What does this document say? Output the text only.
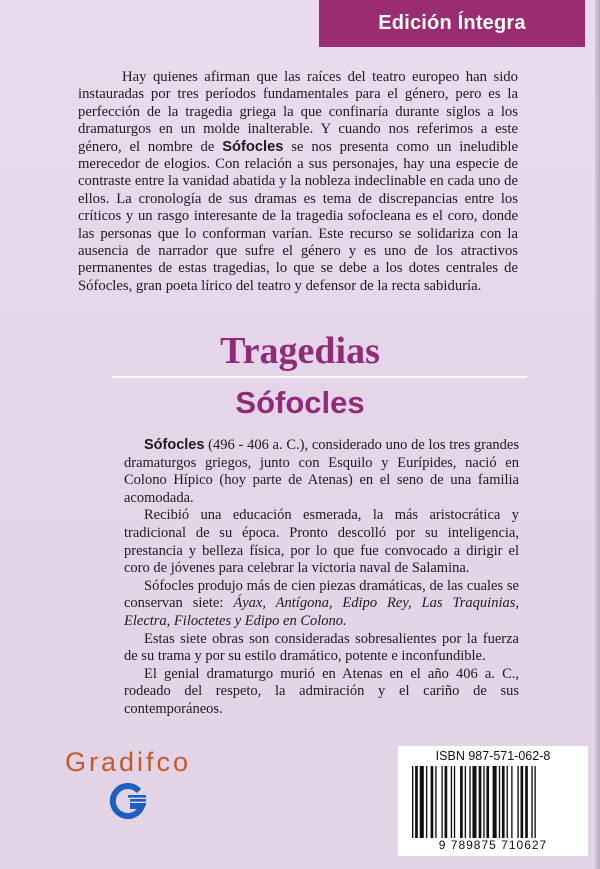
Edición Íntegra
Hay quienes afirman que las raíces del teatro europeo han sido instauradas por tres períodos fundamentales para el género, pero es la perfección de la tragedia griega la que confinaría durante siglos a los dramaturgos en un molde inalterable. Y cuando nos referimos a este género, el nombre de Sófocles se nos presenta como un ineludible merecedor de elogios. Con relación a sus personajes, hay una especie de contraste entre la vanidad abatida y la nobleza indeclinable en cada uno de ellos. La cronología de sus dramas es tema de discrepancias entre los críticos y un rasgo interesante de la tragedia sofocleana es el coro, donde las personas que lo conforman varían. Este recurso se solidariza con la ausencia de narrador que sufre el género y es uno de los atractivos permanentes de estas tragedias, lo que se debe a los dotes centrales de Sófocles, gran poeta lírico del teatro y defensor de la recta sabiduría.
Tragedias
Sófocles

Sófocles (496 - 406 a. C.), considerado uno de los tres grandes dramaturgos griegos, junto con Esquilo y Eurípides, nació en Colono Hípico (hoy parte de Atenas) en el seno de una familia acomodada.

Recibió una educación esmerada, la más aristocrática y tradicional de su época. Pronto descolló por su inteligencia, prestancia y belleza física, por lo que fue convocado a dirigir el coro de jóvenes para celebrar la victoria naval de Salamina.

Sófocles produjo más de cien piezas dramáticas, de las cuales se conservan siete: Áyax, Antígona, Edipo Rey, Las Traquinias, Electra, Filoctetes y Edipo en Colono.

Estas siete obras son consideradas sobresalientes por la fuerza de su trama y por su estilo dramático, potente e inconfundible.

El genial dramaturgo murió en Atenas en el año 406 a. C., rodeado del respeto, la admiración y el cariño de sus contemporáneos.

Gradifco	ISBN 987-571-062-8
9 789875 710627
